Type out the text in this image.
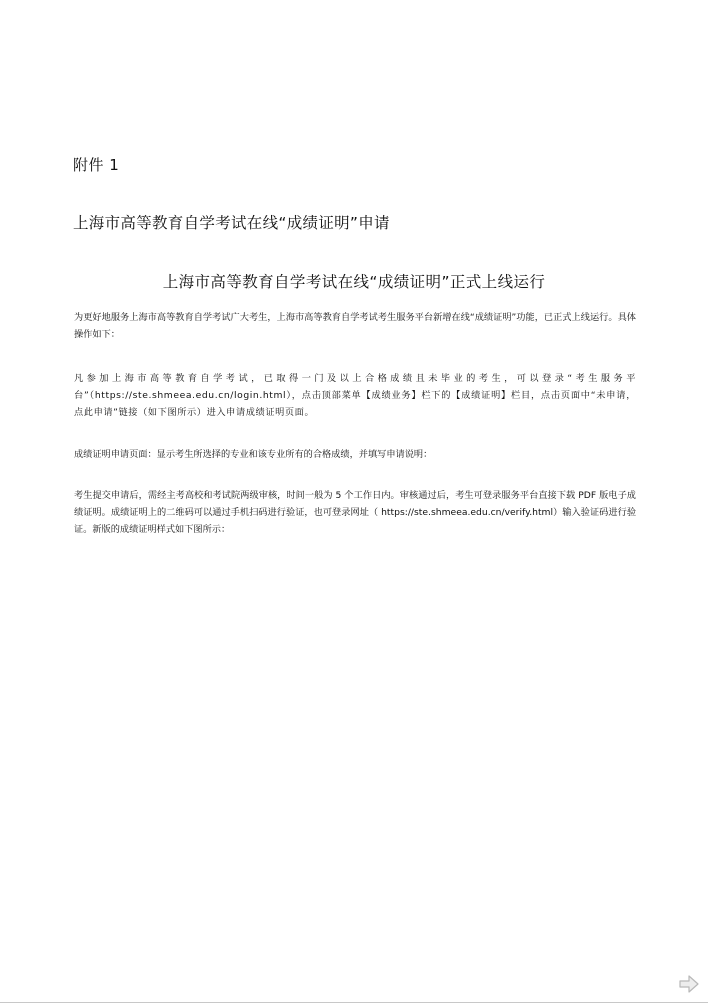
附件 1
上海市高等教育自学考试在线“成绩证明”申请
上海市高等教育自学考试在线“成绩证明”正式上线运行
为更好地服务上海市高等教育自学考试广大考生，上海市高等教育自学考试考生服务平台新增在线“成绩证明”功能，已正式上线运行。具体操作如下：
凡参加上海市高等教育自学考试，已取得一门及以上合格成绩且未毕业的考生，可以登录“考生服务平台”（https://ste.shmeea.edu.cn/login.html），点击顶部菜单【成绩业务】栏下的【成绩证明】栏目，点击页面中“未申请，点此申请”链接（如下图所示）进入申请成绩证明页面。
成绩证明申请页面：显示考生所选择的专业和该专业所有的合格成绩，并填写申请说明：
考生提交申请后，需经主考高校和考试院两级审核，时间一般为 5 个工作日内。审核通过后，考生可登录服务平台直接下载 PDF 版电子成绩证明。成绩证明上的二维码可以通过手机扫码进行验证，也可登录网址（ https://ste.shmeea.edu.cn/verify.html）输入验证码进行验证。新版的成绩证明样式如下图所示：
